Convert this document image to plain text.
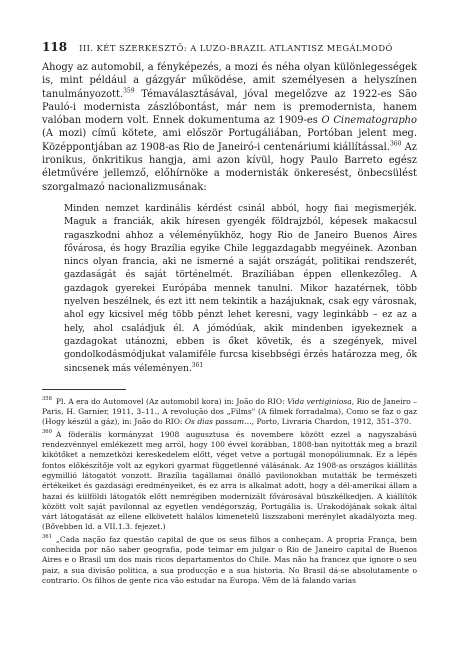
118 III. KÉT SZERKESZTŐ: A LUZO-BRAZIL ATLANTISZ MEGÁLMODÓ

Ahogy az automobil, a fényképezés, a mozi és néha olyan különlegességek is, mint például a gázgyár működése, amit személyesen a helyszínen tanulmányozott.$^{359}$ Témaválasztásával, jóval megelőzve az 1922-es São Pauló-i modernista zászlóbontást, már nem is premodernista, hanem valóban modern volt. Ennek dokumentuma az 1909-es O Cinematographo (A mozi) című kötete, ami először Portugáliában, Portóban jelent meg. Középpontjában az 1908-as Rio de Janeiró-i centenáriumi kiállítással.$^{360}$ Az ironikus, önkritikus hangja, ami azon kívül, hogy Paulo Barreto egész életművére jellemző, előhírnöke a modernisták önkeresést, önbecsülést szorgalmazó nacionalizmusának:

Minden nemzet kardinális kérdést csinál abból, hogy fiai megismerjék. Maguk a franciák, akik híresen gyengék földrajzból, képesek makacsul ragaszkodni ahhoz a véleményükhöz, hogy Rio de Janeiro Buenos Aires fővárosa, és hogy Brazília egyike Chile leggazdagabb megyéinek. Azonban nincs olyan francia, aki ne ismerné a saját országát, politikai rendszerét, gazdaságát és saját történelmét. Brazíliában éppen ellenkezőleg. A gazdagok gyerekei Európába mennek tanulni. Mikor hazatérnek, több nyelven beszélnek, és ezt itt nem tekintik a hazájuknak, csak egy városnak, ahol egy kicsivel még több pénzt lehet keresni, vagy leginkább – ez az a hely, ahol családjuk él. A jómódúak, akik mindenben igyekeznek a gazdagokat utánozni, ebben is őket követik, és a szegények, mivel gondolkodásmódjukat valamiféle furcsa kisebbségi érzés határozza meg, ők sincsenek más véleményen.$^{361}$

$^{358}$ Pl. A era do Automovel (Az automobil kora) in: João do RIO: Vida vertiginiosa, Rio de Janeiro – Paris, H. Garnier, 1911, 3–11., A revolução dos „Films" (A filmek forradalma), Como se faz o gaz (Hogy készül a gáz), in: João do RIO: Os dias passam…, Porto, Livraria Chardon, 1912, 351–370.

$^{360}$ A föderális kormányzat 1908 augusztusa és novembere között ezzel a nagyszabású rendezvénnyel emlékezett meg arról, hogy 100 évvel korábban, 1808-ban nyitották meg a brazil kikötőket a nemzetközi kereskedelem előtt, véget vetve a portugál monopóliumnak. Ez a lépés fontos előkészítője volt az egykori gyarmat függetlenné válásának. Az 1908-as országos kiállítás egymillió látogatót vonzott. Brazília tagállamai önálló pavilonokban mutatták be természeti értékeiket és gazdasági eredményeiket, és ez arra is alkalmat adott, hogy a dél-amerikai állam a hazai és külföldi látogatók előtt nemrégiben modernizált fővárosával büszkélkedjen. A kiállítók között volt saját pavilonnal az egyetlen vendégország, Portugália is. Urakodójának sokak által várt látogatását az ellene elkövetett halálos kimenetelű liszszaboni merénylet akadályozta meg. (Bővebben ld. a VII.1.3. fejezet.)

$^{361}$ „Cada nação faz questão capital de que os seus filhos a conheçam. A propria França, bem conhecida por não saber geografia, pode teimar em julgar o Rio de Janeiro capital de Buenos Aires e o Brasil um dos mais ricos departamentos do Chile. Mas não ha francez que ignore o seu paiz, a sua divisão politica, a sua producção e a sua historia. No Brasil dá-se absolutamente o contrario. Os filhos de gente rica vão estudar na Europa. Vêm de lá falando varias
